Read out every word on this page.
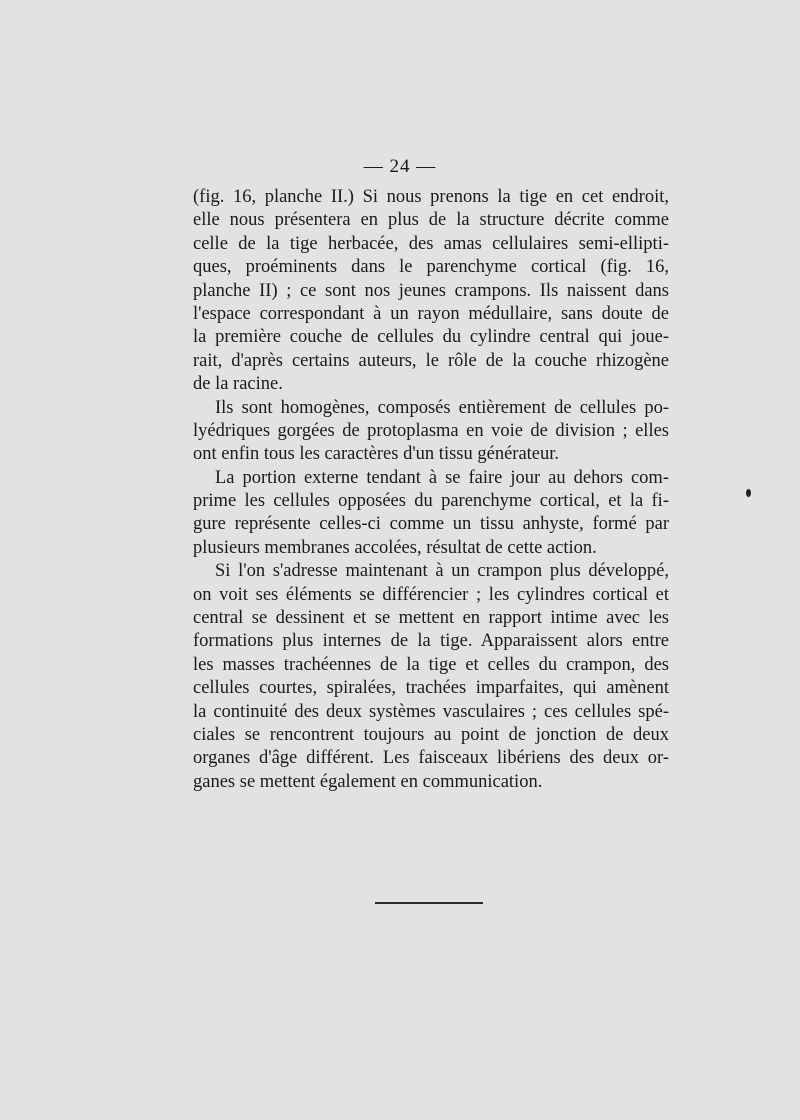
— 24 —
(fig. 16, planche II.) Si nous prenons la tige en cet endroit,
elle nous présentera en plus de la structure décrite comme
celle de la tige herbacée, des amas cellulaires semi-ellipti-
ques, proéminents dans le parenchyme cortical (fig. 16,
planche II) ; ce sont nos jeunes crampons. Ils naissent dans
l'espace correspondant à un rayon médullaire, sans doute de
la première couche de cellules du cylindre central qui joue-
rait, d'après certains auteurs, le rôle de la couche rhizogène
de la racine.
Ils sont homogènes, composés entièrement de cellules po-
lyédriques gorgées de protoplasma en voie de division ; elles
ont enfin tous les caractères d'un tissu générateur.
La portion externe tendant à se faire jour au dehors com-
prime les cellules opposées du parenchyme cortical, et la fi-
gure représente celles-ci comme un tissu anhyste, formé par
plusieurs membranes accolées, résultat de cette action.
Si l'on s'adresse maintenant à un crampon plus développé,
on voit ses éléments se différencier ; les cylindres cortical et
central se dessinent et se mettent en rapport intime avec les
formations plus internes de la tige. Apparaissent alors entre
les masses trachéennes de la tige et celles du crampon, des
cellules courtes, spiralées, trachées imparfaites, qui amènent
la continuité des deux systèmes vasculaires ; ces cellules spé-
ciales se rencontrent toujours au point de jonction de deux
organes d'âge différent. Les faisceaux libériens des deux or-
ganes se mettent également en communication.
